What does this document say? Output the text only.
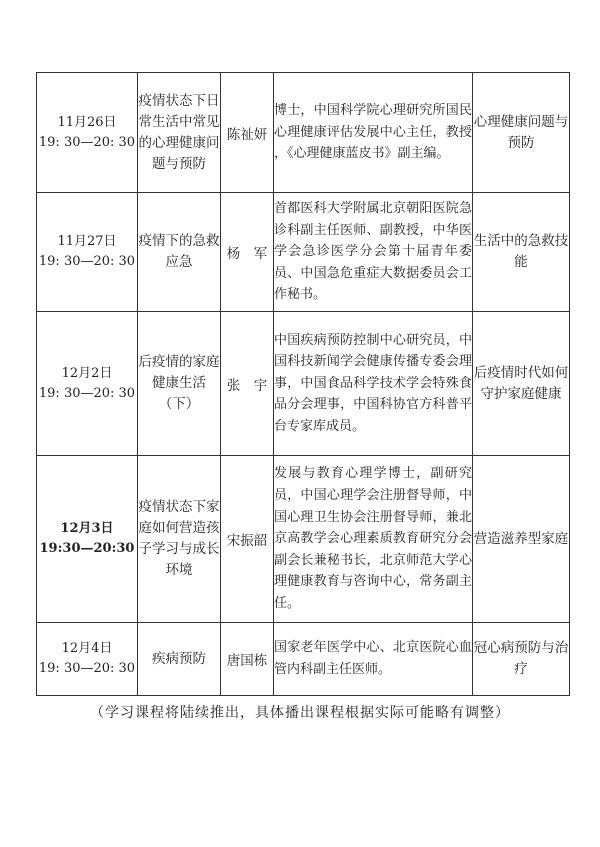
11月26日
19: 30—20: 30	疫情状态下日常生活中常见的心理健康问题与预防	陈祉妍	博士，中国科学院心理研究所国民心理健康评估发展中心主任，教授 ，《心理健康蓝皮书》副主编。	心理健康问题与预防

11月27日
19: 30—20: 30	疫情下的急救应急	杨　军	首都医科大学附属北京朝阳医院急诊科副主任医师、副教授，中华医学会急诊医学分会第十届青年委员、中国急危重症大数据委员会工作秘书。	生活中的急救技能

12月2日
19: 30—20: 30	后疫情的家庭健康生活（下）	张　宇	中国疾病预防控制中心研究员，中国科技新闻学会健康传播专委会理事，中国食品科学技术学会特殊食品分会理事，中国科协官方科普平台专家库成员。	后疫情时代如何守护家庭健康

12月3日
19:30—20:30	疫情状态下家庭如何营造孩子学习与成长环境	宋振韶	发展与教育心理学博士，副研究员，中国心理学会注册督导师，中国心理卫生协会注册督导师，兼北京高教学会心理素质教育研究分会副会长兼秘书长，北京师范大学心理健康教育与咨询中心，常务副主任。	营造滋养型家庭

12月4日
19: 30—20: 30	疾病预防	唐国栋	国家老年医学中心、北京医院心血管内科副主任医师。	冠心病预防与治疗
（学习课程将陆续推出，具体播出课程根据实际可能略有调整）
